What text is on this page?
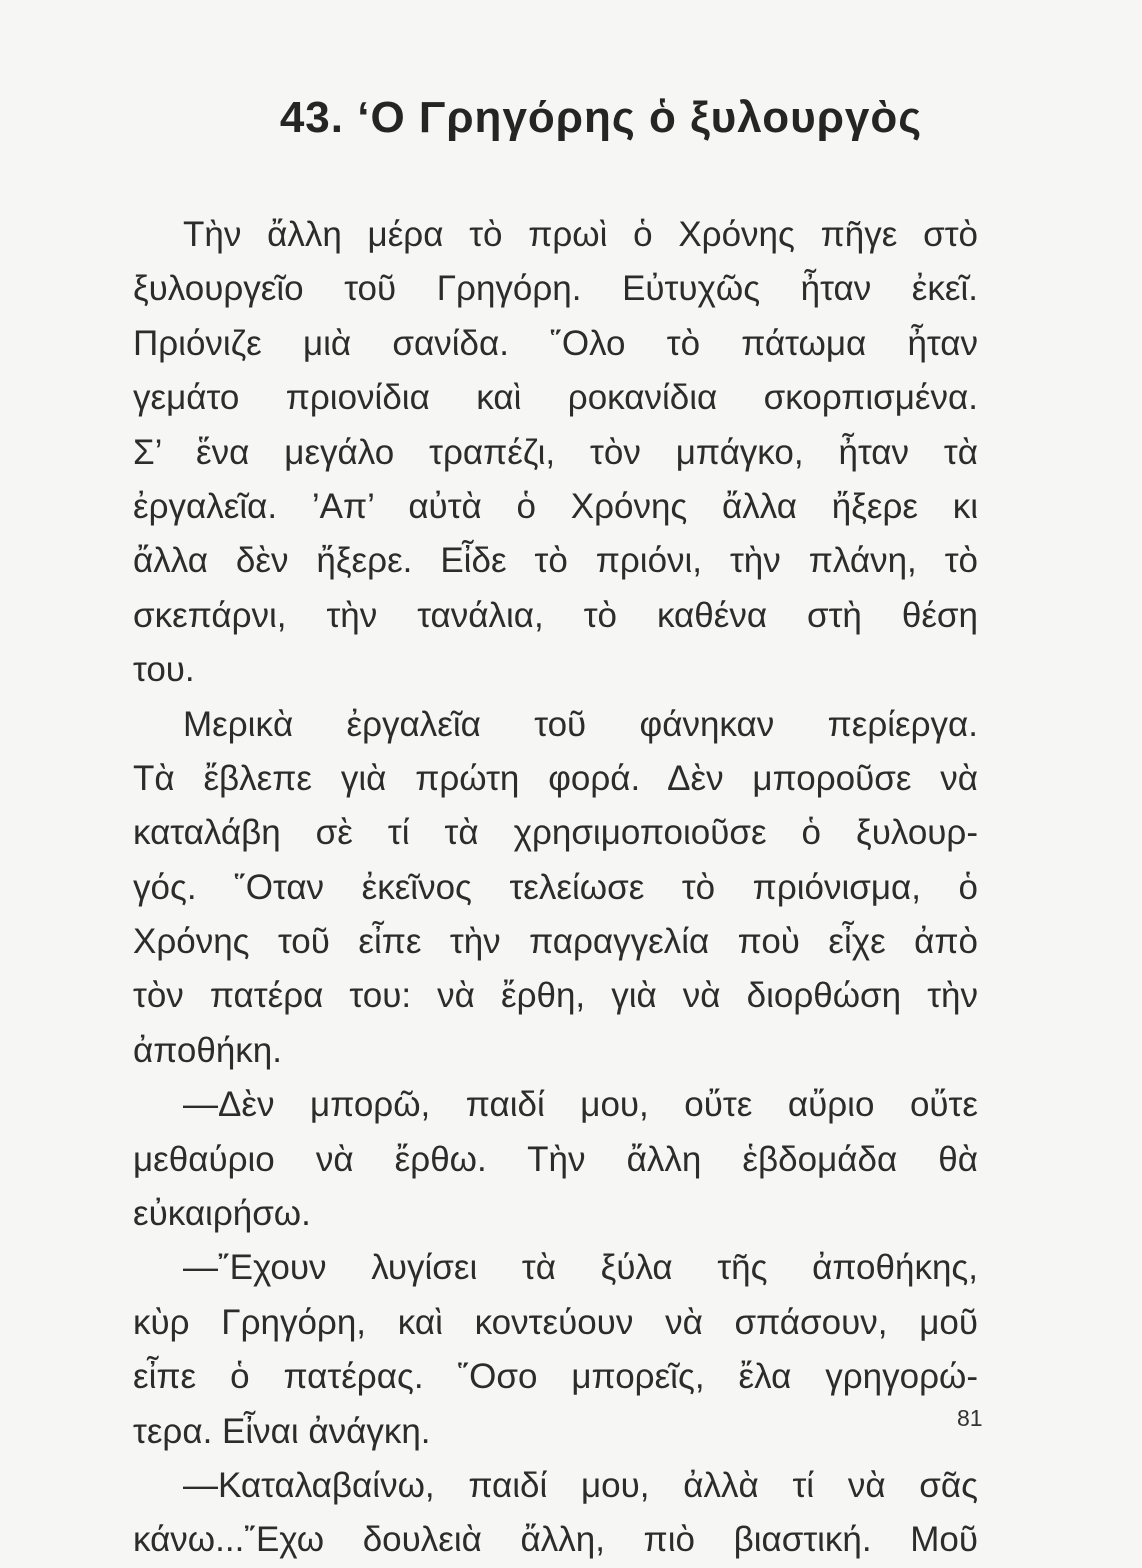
43. ‘Ο Γρηγόρης ὁ ξυλουργὸς
Τὴν ἄλλη μέρα τὸ πρωὶ ὁ Χρόνης πῆγε στὸ
ξυλουργεῖο τοῦ Γρηγόρη. Εὐτυχῶς ἦταν ἐκεῖ.
Πριόνιζε μιὰ σανίδα. ῞Ολο τὸ πάτωμα ἦταν
γεμάτο πριονίδια καὶ ροκανίδια σκορπισμένα.
Σ’ ἕνα μεγάλο τραπέζι, τὸν μπάγκο, ἦταν τὰ
ἐργαλεῖα. ’Απ’ αὐτὰ ὁ Χρόνης ἄλλα ἤξερε κι
ἄλλα δὲν ἤξερε. Εἶδε τὸ πριόνι, τὴν πλάνη, τὸ
σκεπάρνι, τὴν τανάλια, τὸ καθένα στὴ θέση
του.
Μερικὰ ἐργαλεῖα τοῦ φάνηκαν περίεργα.
Τὰ ἔβλεπε γιὰ πρώτη φορά. Δὲν μποροῦσε νὰ
καταλάβη σὲ τί τὰ χρησιμοποιοῦσε ὁ ξυλουρ-
γός. ῞Οταν ἐκεῖνος τελείωσε τὸ πριόνισμα, ὁ
Χρόνης τοῦ εἶπε τὴν παραγγελία ποὺ εἶχε ἀπὸ
τὸν πατέρα του: νὰ ἔρθη, γιὰ νὰ διορθώση τὴν
ἀποθήκη.
—Δὲν μπορῶ, παιδί μου, οὔτε αὔριο οὔτε
μεθαύριο νὰ ἔρθω. Τὴν ἄλλη ἑβδομάδα θὰ
εὐκαιρήσω.
—῎Εχουν λυγίσει τὰ ξύλα τῆς ἀποθήκης,
κὺρ Γρηγόρη, καὶ κοντεύουν νὰ σπάσουν, μοῦ
εἶπε ὁ πατέρας. ῞Οσο μπορεῖς, ἔλα γρηγορώ-
τερα. Εἶναι ἀνάγκη.
—Καταλαβαίνω, παιδί μου, ἀλλὰ τί νὰ σᾶς
κάνω...῎Εχω δουλειὰ ἄλλη, πιὸ βιαστική. Μοῦ
81
